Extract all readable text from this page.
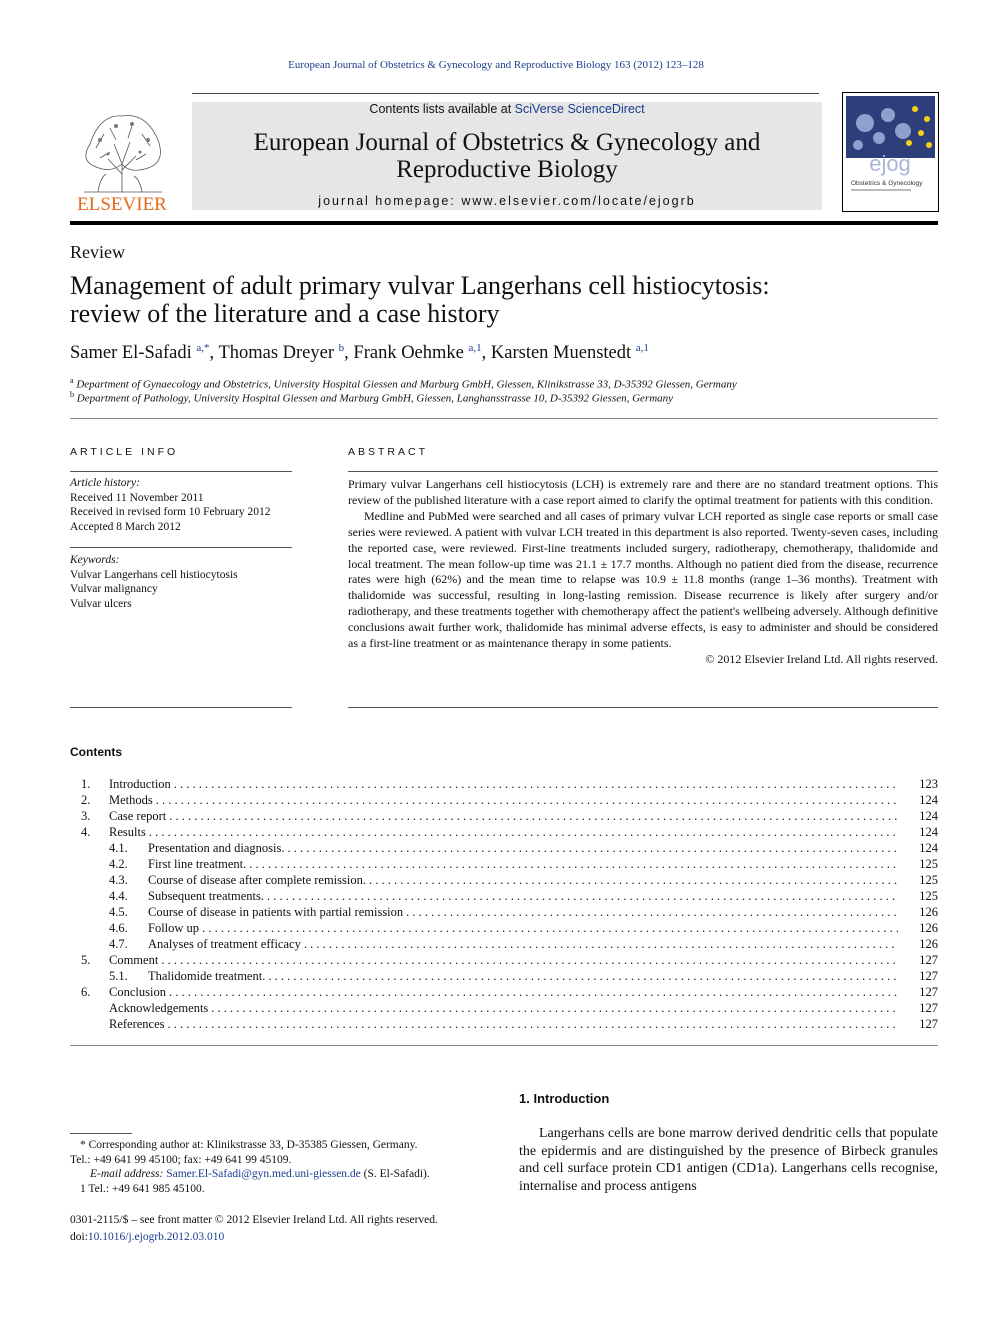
European Journal of Obstetrics & Gynecology and Reproductive Biology 163 (2012) 123–128
ELSEVIER
Contents lists available at SciVerse ScienceDirect
European Journal of Obstetrics & Gynecology and
Reproductive Biology
journal homepage: www.elsevier.com/locate/ejogrb
ejog
Obstetrics & Gynecology
Review
Management of adult primary vulvar Langerhans cell histiocytosis:
review of the literature and a case history
Samer El-Safadi $^{a,*}$, Thomas Dreyer $^b$, Frank Oehmke $^{a,1}$, Karsten Muenstedt $^{a,1}$
$^a$ Department of Gynaecology and Obstetrics, University Hospital Giessen and Marburg GmbH, Giessen, Klinikstrasse 33, D-35392 Giessen, Germany
$^b$ Department of Pathology, University Hospital Giessen and Marburg GmbH, Giessen, Langhansstrasse 10, D-35392 Giessen, Germany
ARTICLE INFO
Article history:
Received 11 November 2011
Received in revised form 10 February 2012
Accepted 8 March 2012
Keywords:
Vulvar Langerhans cell histiocytosis
Vulvar malignancy
Vulvar ulcers
ABSTRACT

Primary vulvar Langerhans cell histiocytosis (LCH) is extremely rare and there are no standard treatment options. This review of the published literature with a case report aimed to clarify the optimal treatment for patients with this condition.

Medline and PubMed were searched and all cases of primary vulvar LCH reported as single case reports or small case series were reviewed. A patient with vulvar LCH treated in this department is also reported. Twenty-seven cases, including the reported case, were reviewed. First-line treatments included surgery, radiotherapy, chemotherapy, thalidomide and local treatment. The mean follow-up time was 21.1 ± 17.7 months. Although no patient died from the disease, recurrence rates were high (62%) and the mean time to relapse was 10.9 ± 11.8 months (range 1–36 months). Treatment with thalidomide was successful, resulting in long-lasting remission. Disease recurrence is likely after surgery and/or radiotherapy, and these treatments together with chemotherapy affect the patient's wellbeing adversely. Although definitive conclusions await further work, thalidomide has minimal adverse effects, is easy to administer and should be considered as a first-line treatment or as maintenance therapy in some patients.

© 2012 Elsevier Ireland Ltd. All rights reserved.
Contents
1.	Introduction . . .	123
2.	Methods . . .	124
3.	Case report . . .	124
4.	Results . . .	124
4.1.	Presentation and diagnosis. . . .	124
4.2.	First line treatment. . . .	125
4.3.	Course of disease after complete remission. . . .	125
4.4.	Subsequent treatments. . . .	125
4.5.	Course of disease in patients with partial remission . . .	126
4.6.	Follow up . . .	126
4.7.	Analyses of treatment efficacy . . .	126
5.	Comment . . .	127
5.1.	Thalidomide treatment. . . .	127
6.	Conclusion . . .	127
Acknowledgements . . .	127
References . . .	127
* Corresponding author at: Klinikstrasse 33, D-35385 Giessen, Germany.
Tel.: +49 641 99 45100; fax: +49 641 99 45109.
E-mail address: Samer.El-Safadi@gyn.med.uni-giessen.de (S. El-Safadi).
1 Tel.: +49 641 985 45100.
0301-2115/$ – see front matter © 2012 Elsevier Ireland Ltd. All rights reserved.
doi:10.1016/j.ejogrb.2012.03.010
1. Introduction
Langerhans cells are bone marrow derived dendritic cells that populate the epidermis and are distinguished by the presence of Birbeck granules and cell surface protein CD1 antigen (CD1a). Langerhans cells recognise, internalise and process antigens
